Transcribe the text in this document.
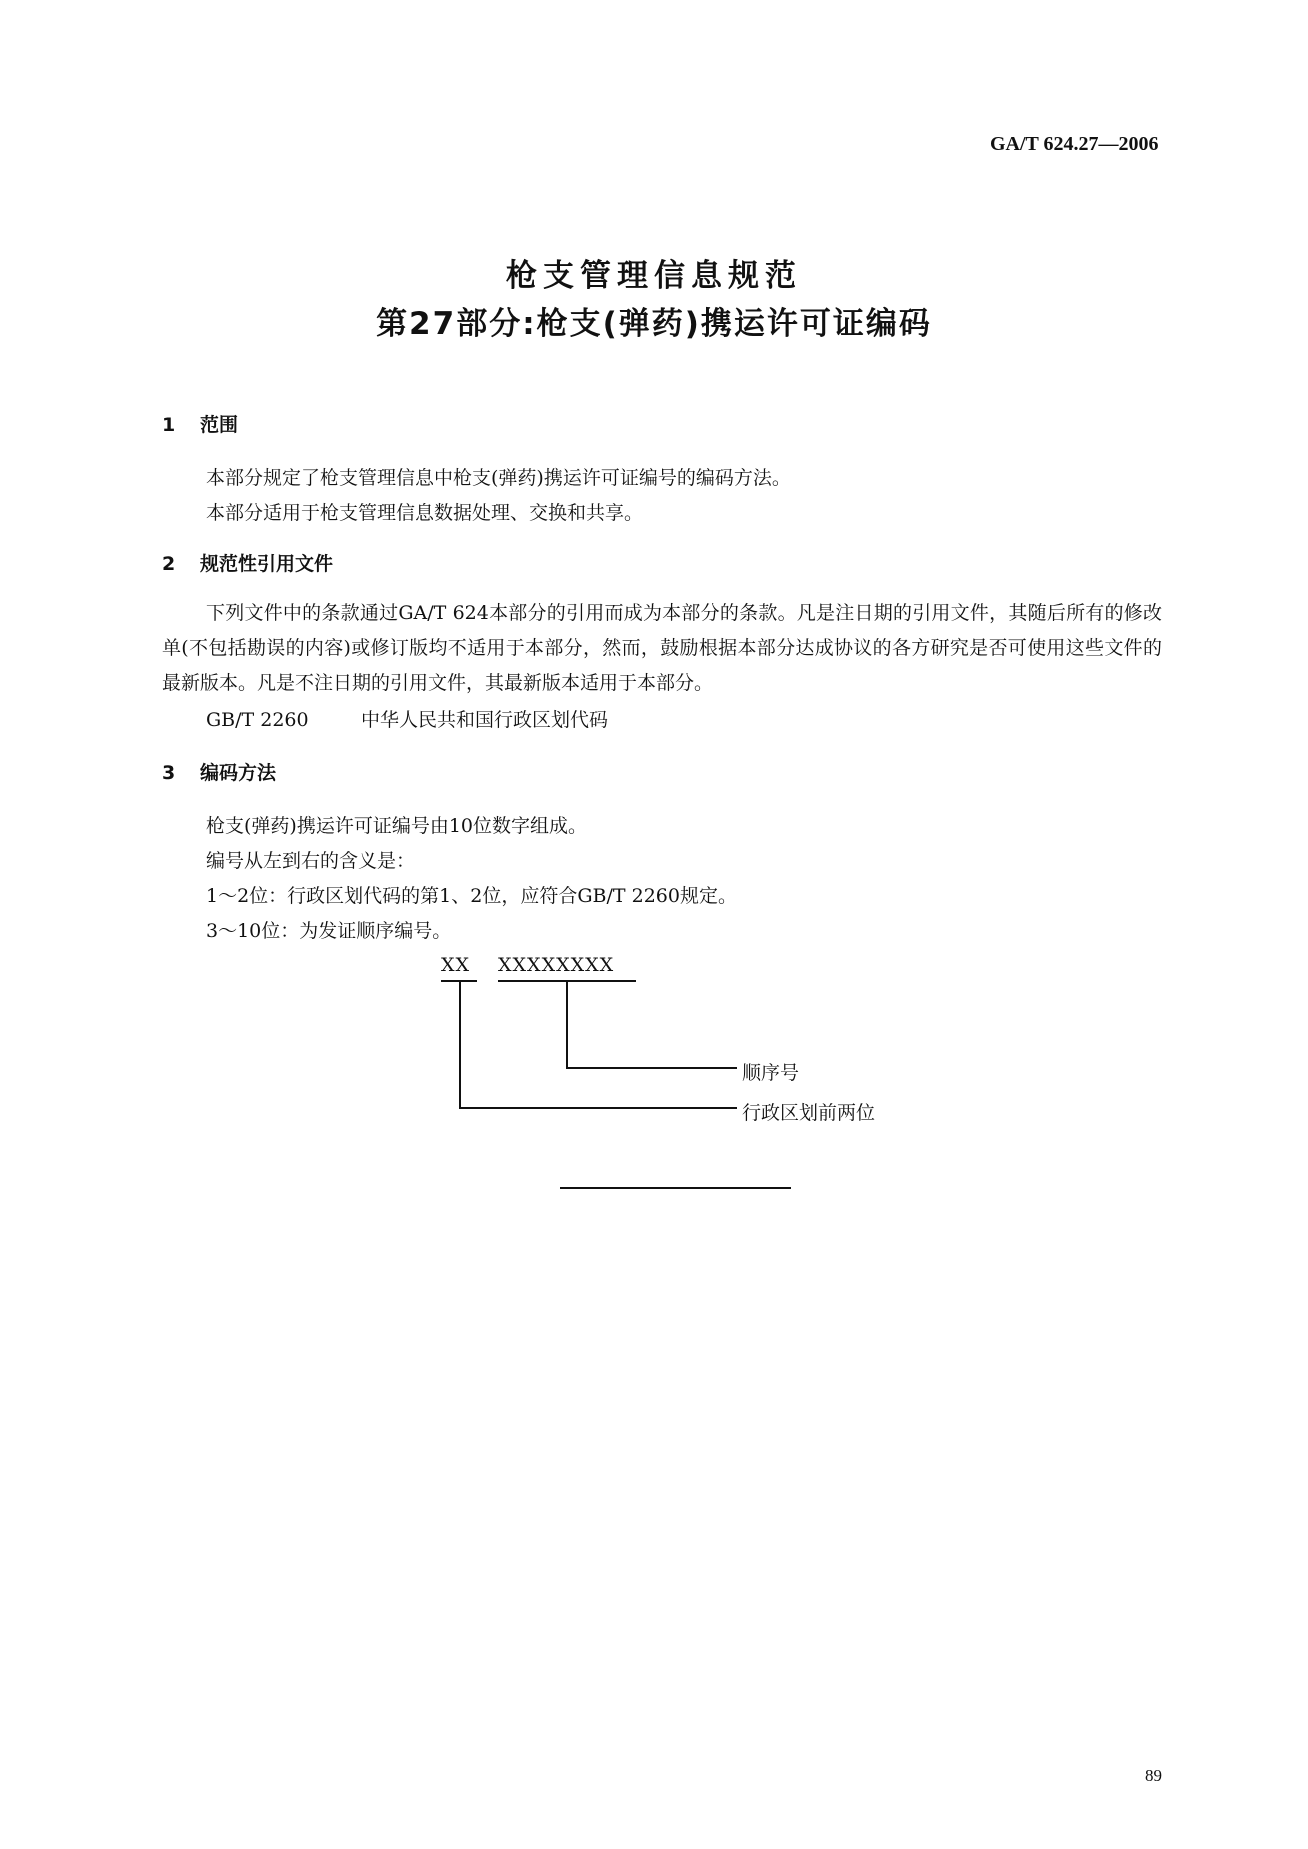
GA/T 624.27—2006
枪支管理信息规范
第27部分:枪支(弹药)携运许可证编码
1 范围
本部分规定了枪支管理信息中枪支(弹药)携运许可证编号的编码方法。
本部分适用于枪支管理信息数据处理、交换和共享。
2 规范性引用文件
下列文件中的条款通过GA/T 624本部分的引用而成为本部分的条款。凡是注日期的引用文件，其随后所有的修改单(不包括勘误的内容)或修订版均不适用于本部分，然而，鼓励根据本部分达成协议的各方研究是否可使用这些文件的最新版本。凡是不注日期的引用文件，其最新版本适用于本部分。
GB/T 2260	中华人民共和国行政区划代码
3 编码方法
枪支(弹药)携运许可证编号由10位数字组成。
编号从左到右的含义是：
1～2位：行政区划代码的第1、2位，应符合GB/T 2260规定。
3～10位：为发证顺序编号。
XX XXXXXXXX
顺序号
行政区划前两位
89
